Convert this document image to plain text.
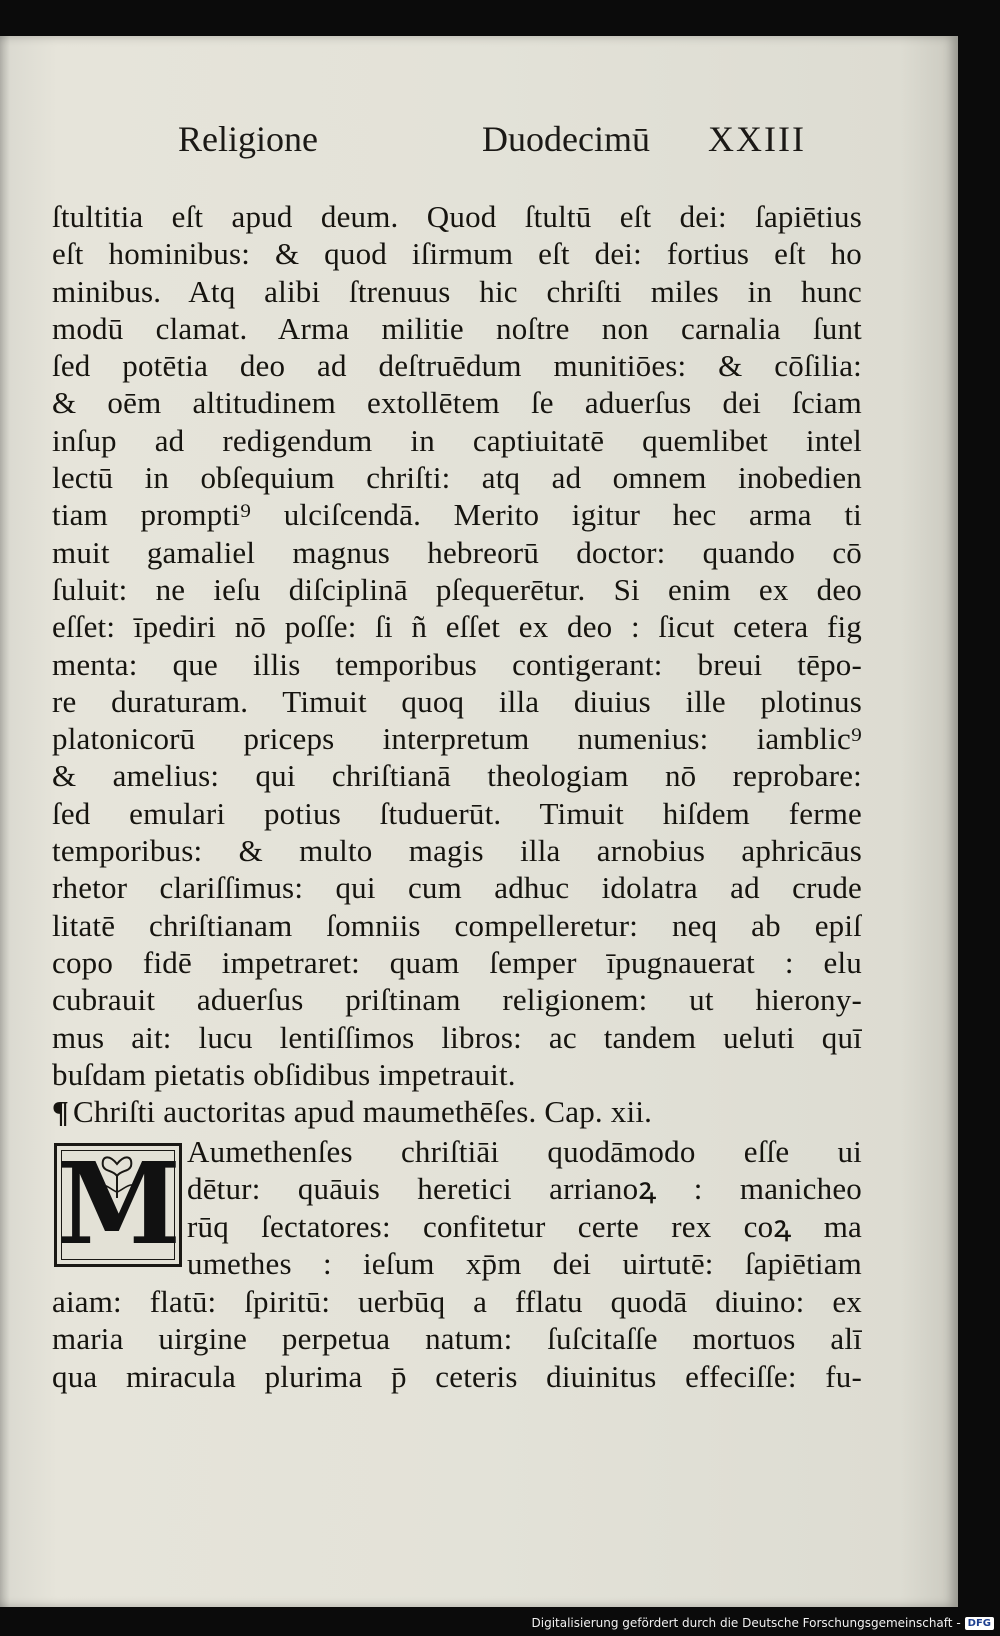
Religione	Duodecimū XXIII
ſtultitia eſt apud deum. Quod ſtultū eſt dei: ſapiētius
eſt hominibus: & quod iſirmum eſt dei: fortius eſt ho
minibus. Atq alibi ſtrenuus hic chriſti miles in hunc
modū clamat. Arma militie noſtre non carnalia ſunt
ſed potētia deo ad deſtruēdum munitiōes: & cōſilia:
& oēm altitudinem extollētem ſe aduerſus dei ſciam
inſup ad redigendum in captiuitatē quemlibet intel
lectū in obſequium chriſti: atq ad omnem inobedien
tiam prompti⁹ ulciſcendā. Merito igitur hec arma ti
muit gamaliel magnus hebreorū doctor: quando cō
ſuluit: ne ieſu diſciplinā pſequerētur. Si enim ex deo
eſſet: īpediri nō poſſe: ſi ñ eſſet ex deo : ſicut cetera fig
menta: que illis temporibus contigerant: breui tēpo-
re duraturam. Timuit quoq illa diuius ille plotinus
platonicorū priceps interpretum numenius: iamblic⁹
& amelius: qui chriſtianā theologiam nō reprobare:
ſed emulari potius ſtuduerūt. Timuit hiſdem ferme
temporibus: & multo magis illa arnobius aphricāus
rhetor clariſſimus: qui cum adhuc idolatra ad crude
litatē chriſtianam ſomniis compelleretur: neq ab epiſ
copo fidē impetraret: quam ſemper īpugnauerat : elu
cubrauit aduerſus priſtinam religionem: ut hierony-
mus ait: lucu lentiſſimos libros: ac tandem ueluti quī
buſdam pietatis obſidibus impetrauit.
¶ Chriſti auctoritas apud maumethēſes. Cap. xii.
M Aumethenſes chriſtiāi quodāmodo eſſe ui
dētur: quāuis heretici arrianoꝝ : manicheo
rūq ſectatores: confitetur certe rex coꝝ ma
umethes : ieſum xp̄m dei uirtutē: ſapiētiam
aiam: flatū: ſpiritū: uerbūq a fflatu quodā diuino: ex
maria uirgine perpetua natum: ſuſcitaſſe mortuos alī
qua miracula plurima p̄ ceteris diuinitus effeciſſe: fu-
Digitalisierung gefördert durch die Deutsche Forschungsgemeinschaft - DFG
